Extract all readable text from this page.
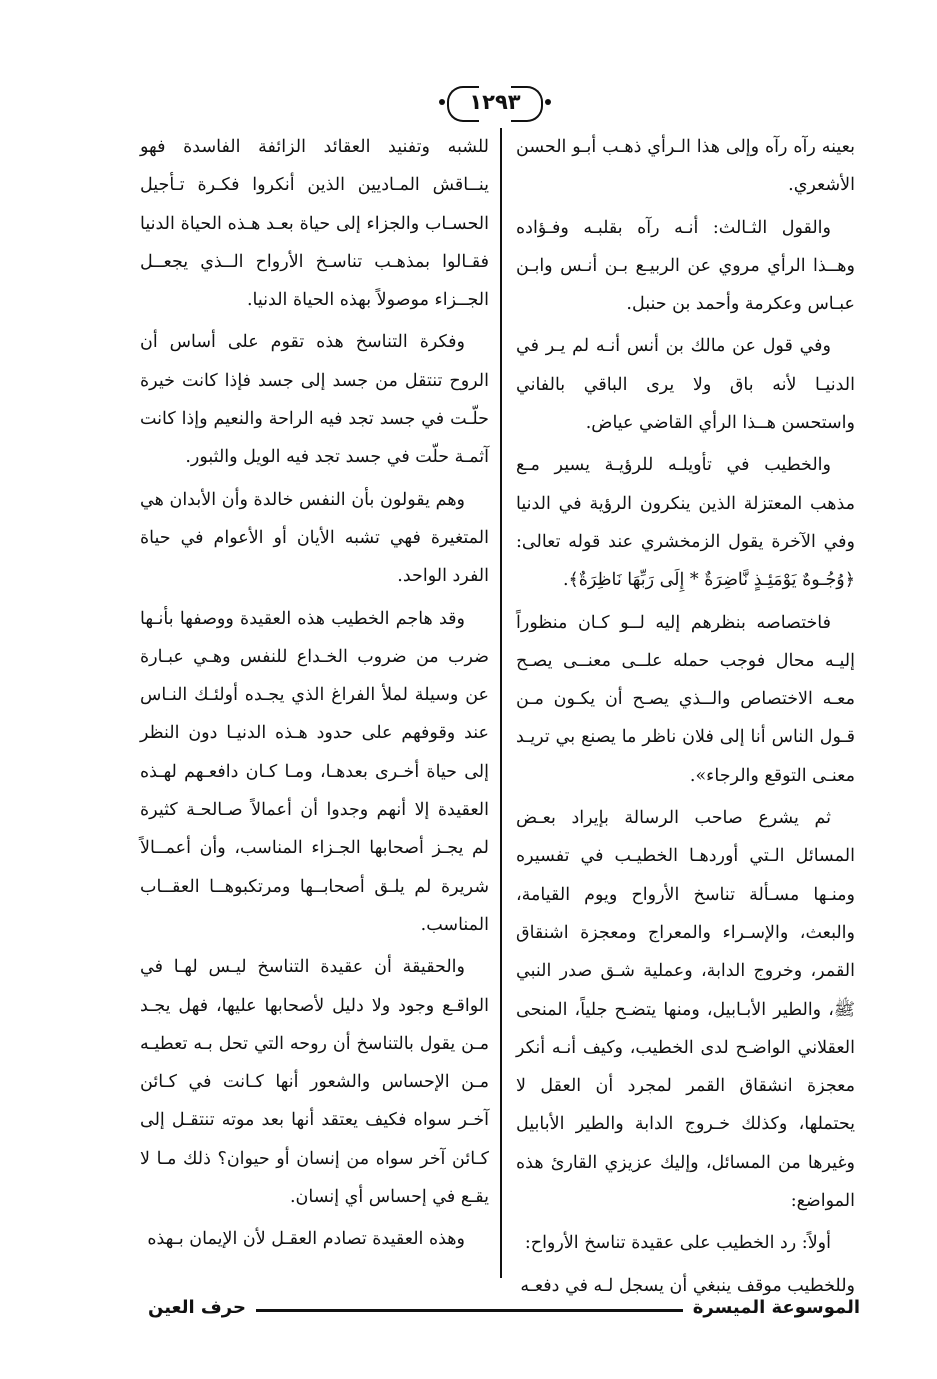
١٢٩٣

بعينه رآه رآه وإلى هذا الـرأي ذهـب أبـو الحسن الأشعري.

والقول الثـالث: أنـه رآه بقلبـه وفـؤاده وهــذا الرأي مروي عن الربيـع بـن أنـس وابـن عبـاس وعكرمة وأحمد بن حنبل.

وفي قول عن مالك بن أنس أنـه لم يـر في الدنيـا لأنه باق ولا يرى الباقي بالفاني واستحسن هــذا الرأي القاضي عياض.

والخطيب في تأويلـه للرؤيـة يسير مـع مذهب المعتزلة الذين ينكرون الرؤية في الدنيا وفي الآخرة يقول الزمخشري عند قوله تعالى: ﴿وُجُـوهٌ يَوْمَئِـذٍ نَّاضِرَةٌ * إِلَى رَبِّهَا نَاظِرَةٌ﴾.

فاختصاصه بنظرهم إليه لــو كـان منظوراً إليـه محال فوجب حمله علــى معنــى يصـح معـه الاختصاص والــذي يصـح أن يكـون مـن قـول الناس أنا إلى فلان ناظر ما يصنع بي تريـد معنـى التوقع والرجاء».

ثم يشرع صاحب الرسالة بإيراد بعـض المسائل الـتي أوردهـا الخطيـب في تفسيره ومنـها مسـألة تناسخ الأرواح ويوم القيامة، والبعث، والإسـراء والمعراج ومعجزة اشنقاق القمر، وخروج الدابة، وعملية شـق صدر النبي ﷺ، والطير الأبـابيل، ومنها يتضـح جلياً، المنحى العقلاني الواضـح لدى الخطيب، وكيف أنـه أنكر معجزة انشقاق القمر لمجرد أن العقل لا يحتملها، وكذلك خـروج الدابة والطير الأبابيل وغيرها من المسائل، وإليك عزيزي القارئ هذه المواضع:

أولاً: رد الخطيب على عقيدة تناسخ الأرواح:

وللخطيب موقف ينبغي أن يسجل لـه في دفعـه

للشبه وتفنيد العقائد الزائفة الفاسدة فهو ينــاقش المـاديين الذين أنكروا فكـرة تـأجيل الحسـاب والجزاء إلى حياة بعـد هـذه الحياة الدنيا فقـالوا بمذهـب تناسـخ الأرواح الــذي يجعــل الجــزاء موصولاً بهذه الحياة الدنيا.

وفكرة التناسخ هذه تقوم على أساس أن الروح تنتقل من جسد إلى جسد فإذا كانت خيرة حلّـت في جسد تجد فيه الراحة والنعيم وإذا كانت آثمـة حلّت في جسد تجد فيه الويل والثبور.

وهم يقولون بأن النفس خالدة وأن الأبدان هي المتغيرة فهي تشبه الأيان أو الأعوام في حياة الفرد الواحد.

وقد هاجم الخطيب هذه العقيدة ووصفها بأنـها ضرب من ضروب الخـداع للنفس وهـي عبـارة عن وسيلة لملأ الفراغ الذي يجـده أولئـك النـاس عند وقوفهم على حدود هـذه الدنيـا دون النظر إلى حياة أخـرى بعدهـا، ومـا كـان دافعـهم لهـذه العقيدة إلا أنهم وجدوا أن أعمالاً صـالحـة كثيرة لم يجـز أصحابها الجـزاء المناسب، وأن أعمــالاً شريرة لم يلـق أصحابــها ومرتكبوهــا العقــاب المناسب.

والحقيقة أن عقيدة التناسخ ليـس لهـا في الواقـع وجود ولا دليل لأصحابها عليها، فهل يجـد مـن يقول بالتناسخ أن روحه التي تحل بـه تعطيـه مـن الإحساس والشعور أنها كـانت في كـائن آخـر سواه فكيف يعتقد أنها بعد موته تنتقـل إلى كـائن آخر سواه من إنسان أو حيوان؟ ذلك مـا لا يقـع في إحساس أي إنسان.

وهذه العقيدة تصادم العقـل لأن الإيمان بـهذه

الموسوعة الميسرة
حرف العين
